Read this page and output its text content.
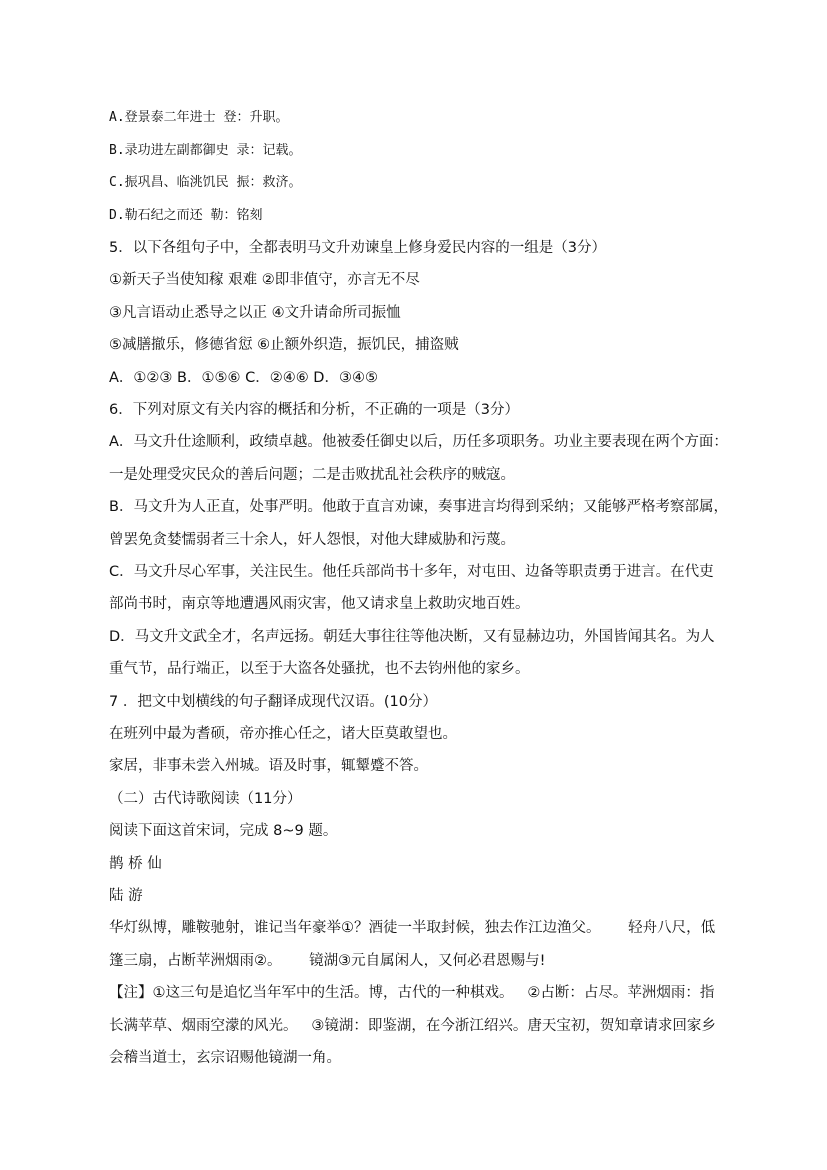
A.登景泰二年进士 登：升职。
B.录功进左副都御史 录：记载。
C.振巩昌、临洮饥民 振：救济。
D.勒石纪之而还 勒：铭刻
5．以下各组句子中，全都表明马文升劝谏皇上修身爱民内容的一组是（3分）
①新天子当使知稼 艰难 ②即非值守，亦言无不尽
③凡言语动止悉导之以正 ④文升请命所司振恤
⑤减膳撤乐，修德省愆 ⑥止额外织造，振饥民，捕盗贼
A．①②③ B．①⑤⑥ C．②④⑥ D．③④⑤
6．下列对原文有关内容的概括和分析，不正确的一项是（3分）
A．马文升仕途顺利，政绩卓越。他被委任御史以后，历任多项职务。功业主要表现在两个方面：
一是处理受灾民众的善后问题；二是击败扰乱社会秩序的贼寇。
B．马文升为人正直，处事严明。他敢于直言劝谏，奏事进言均得到采纳；又能够严格考察部属，
曾罢免贪婪懦弱者三十余人，奸人怨恨，对他大肆威胁和污蔑。
C．马文升尽心军事，关注民生。他任兵部尚书十多年，对屯田、边备等职责勇于进言。在代吏
部尚书时，南京等地遭遇风雨灾害，他又请求皇上救助灾地百姓。
D．马文升文武全才，名声远扬。朝廷大事往往等他决断，又有显赫边功，外国皆闻其名。为人
重气节，品行端正，以至于大盗各处骚扰，也不去钧州他的家乡。
7 ．把文中划横线的句子翻译成现代汉语。(10分）
在班列中最为耆硕，帝亦推心任之，诸大臣莫敢望也。
家居，非事未尝入州城。语及时事，辄颦蹙不答。
（二）古代诗歌阅读（11分）
阅读下面这首宋词，完成 8~9 题。
鹊 桥 仙
陆 游
华灯纵博，雕鞍驰射，谁记当年豪举①？酒徒一半取封候，独去作江边渔父。      轻舟八尺，低
篷三扇，占断苹洲烟雨②。      镜湖③元自属闲人，又何必君恩赐与!
【注】①这三句是追忆当年军中的生活。博，古代的一种棋戏。   ②占断：占尽。苹洲烟雨：指
长满苹草、烟雨空濛的风光。   ③镜湖：即鉴湖，在今浙江绍兴。唐天宝初，贺知章请求回家乡
会稽当道士，玄宗诏赐他镜湖一角。
